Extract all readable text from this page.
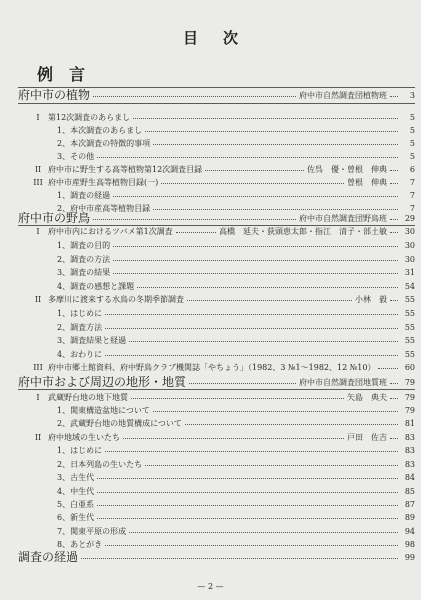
目　次
例　言
府中市の植物	府中市自然調査団植物班	3
I	第12次調査のあらまし	5
1、本次調査のあらまし	5
2、本次調査の特徴的事項	5
3、その他	5
II 府中市に野生する高等植物第12次調査目録	佐呉　優・曽根　伸典	6
III 府中市産野生高等植物目録(一)	曽根　伸典	7
1、調査の経過	7
2、府中市産高等植物目録	7
府中市の野鳥	府中市自然調査団野鳥班	29
I	府中市内におけるツバメ第1次調査	高橋　延夫・荻頭恵太郎・指江　清子・部土敏	30
1、調査の目的	30
2、調査の方法	30
3、調査の結果	31
4、調査の感想と課題	54
II 多摩川に渡来する水鳥の冬期季節調査	小林　毅	55
1、はじめに	55
2、調査方法	55
3、調査結果と経過	55
4、おわりに	55
III 府中市郷土館資料、府中野鳥クラブ機関誌「やちょう」（1982、3 №1～1982、12 №10）	60
府中市および周辺の地形・地質	府中市自然調査団地質班	79
I	武蔵野台地の地下地質	矢島　典夫	79
1、関東構造盆地について	79
2、武蔵野台地の地質構成について	81
II 府中地域の生いたち	戸田　佐吉	83
1、はじめに	83
2、日本列島の生いたち	83
3、古生代	84
4、中生代	85
5、白亜系	87
6、新生代	89
7、関東平原の形成	94
8、あとがき	98
調査の経過	99
— 2 —
